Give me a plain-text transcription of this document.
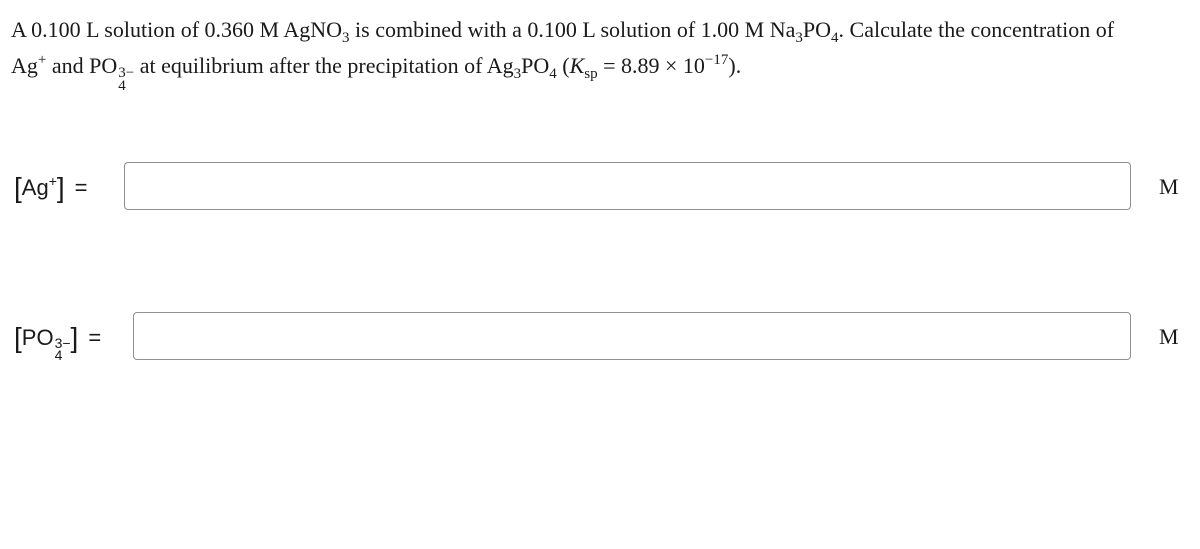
A 0.100 L solution of 0.360 M AgNO$_3$ is combined with a 0.100 L solution of 1.00 M $Na_3PO_4$. Calculate the concentration of
Ag+ and PO 3−
4
at equilibrium after the precipitation of $Ag_3PO_4$ $(K_{sp} = 8.89 \times 10^{-17})$.
[Ag+] =	M
[PO 3−
4
] =	M
